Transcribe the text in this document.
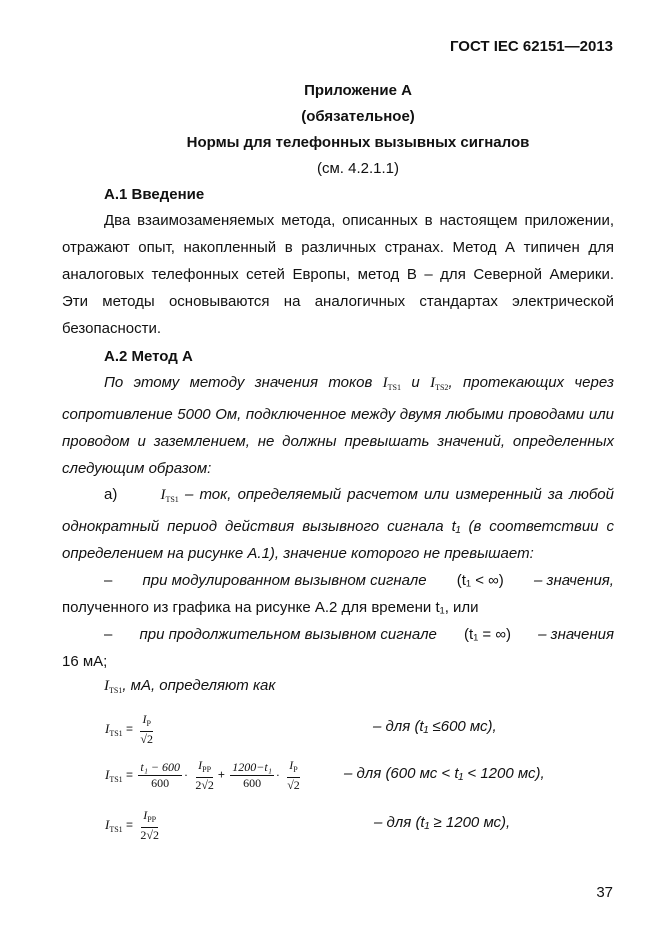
ГОСТ IEC 62151—2013
Приложение А
(обязательное)
Нормы для телефонных вызывных сигналов
(см. 4.2.1.1)
А.1 Введение
Два взаимозаменяемых метода, описанных в настоящем приложении, отражают опыт, накопленный в различных странах. Метод А типичен для аналоговых телефонных сетей Европы, метод В – для Северной Америки. Эти методы основываются на аналогичных стандартах электрической безопасности.
А.2 Метод А
По этому методу значения токов $I_{TS1}$ и $I_{TS2}$, протекающих через сопротивление 5000 Ом, подключенное между двумя любыми проводами или проводом и заземлением, не должны превышать значений, определенных следующим образом:
а)	$I_{TS1}$ – ток, определяемый расчетом или измеренный за любой однократный период действия вызывного сигнала t₁ (в соответствии с определением на рисунке А.1), значение которого не превышает:
– при модулированном вызывном сигнале (t₁ < ∞) – значения,
полученного из графика на рисунке А.2 для времени t₁, или
– при продолжительном вызывном сигнале (t₁ = ∞) – значения
16 мА;
$I_{TS1}$, мА, определяют как
$I_{TS1} = \frac{I_P}{√2}$	– для (t₁ ≤600 мс),
$I_{TS1} = \frac{\text{t₁ − 600}}{600} \cdot \frac{I_{PP}}{2√2} + \frac{\text{1200−t₁}}{600} \cdot \frac{I_P}{√2}$	– для (600 мс < t₁ < 1200 мс),
$I_{TS1} = \frac{I_{PP}}{2√2}$	– для (t₁ ≥ 1200 мс),
37
